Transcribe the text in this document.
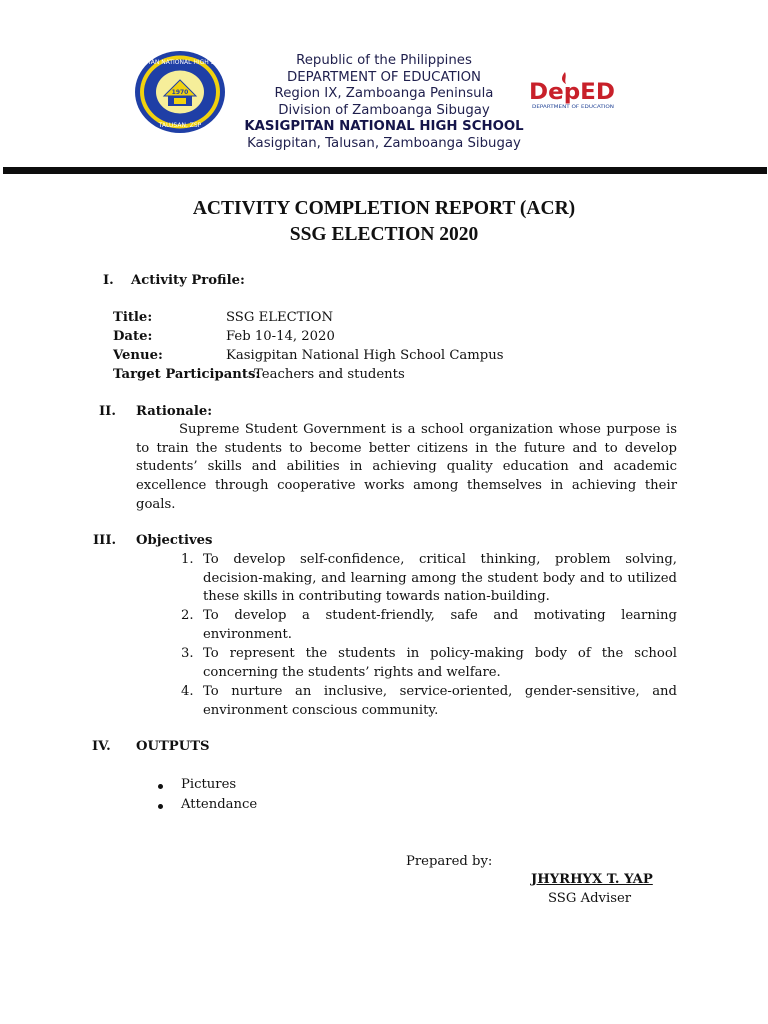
KASIGPITAN NATIONAL HIGH SCHOOL
TALUSAN, ZSP
1970
Republic of the Philippines
DEPARTMENT OF EDUCATION
Region IX, Zamboanga Peninsula
Division of Zamboanga Sibugay
KASIGPITAN NATIONAL HIGH SCHOOL
Kasigpitan, Talusan, Zamboanga Sibugay
DepED
DEPARTMENT OF EDUCATION
ACTIVITY COMPLETION REPORT (ACR)
SSG ELECTION 2020
I. Activity Profile:
Title:	SSG ELECTION
Date:	Feb 10-14, 2020
Venue:	Kasigpitan National High School Campus
Target Participants:
Teachers and students
II. Rationale:

Supreme Student Government is a school organization whose purpose is to train the students to become better citizens in the future and to develop students’ skills and abilities in achieving quality education and academic excellence through cooperative works among themselves in achieving their goals.

III. Objectives
1. To develop self-confidence, critical thinking, problem solving, decision-making, and learning among the student body and to utilized these skills in contributing towards nation-building.

2. To develop a student-friendly, safe and motivating learning environment.

3. To represent the students in policy-making body of the school concerning the students’ rights and welfare.

4. To nurture an inclusive, service-oriented, gender-sensitive, and environment conscious community.

IV. OUTPUTS
Pictures
Attendance
Prepared by:
JHYRHYX T. YAP
SSG Adviser
